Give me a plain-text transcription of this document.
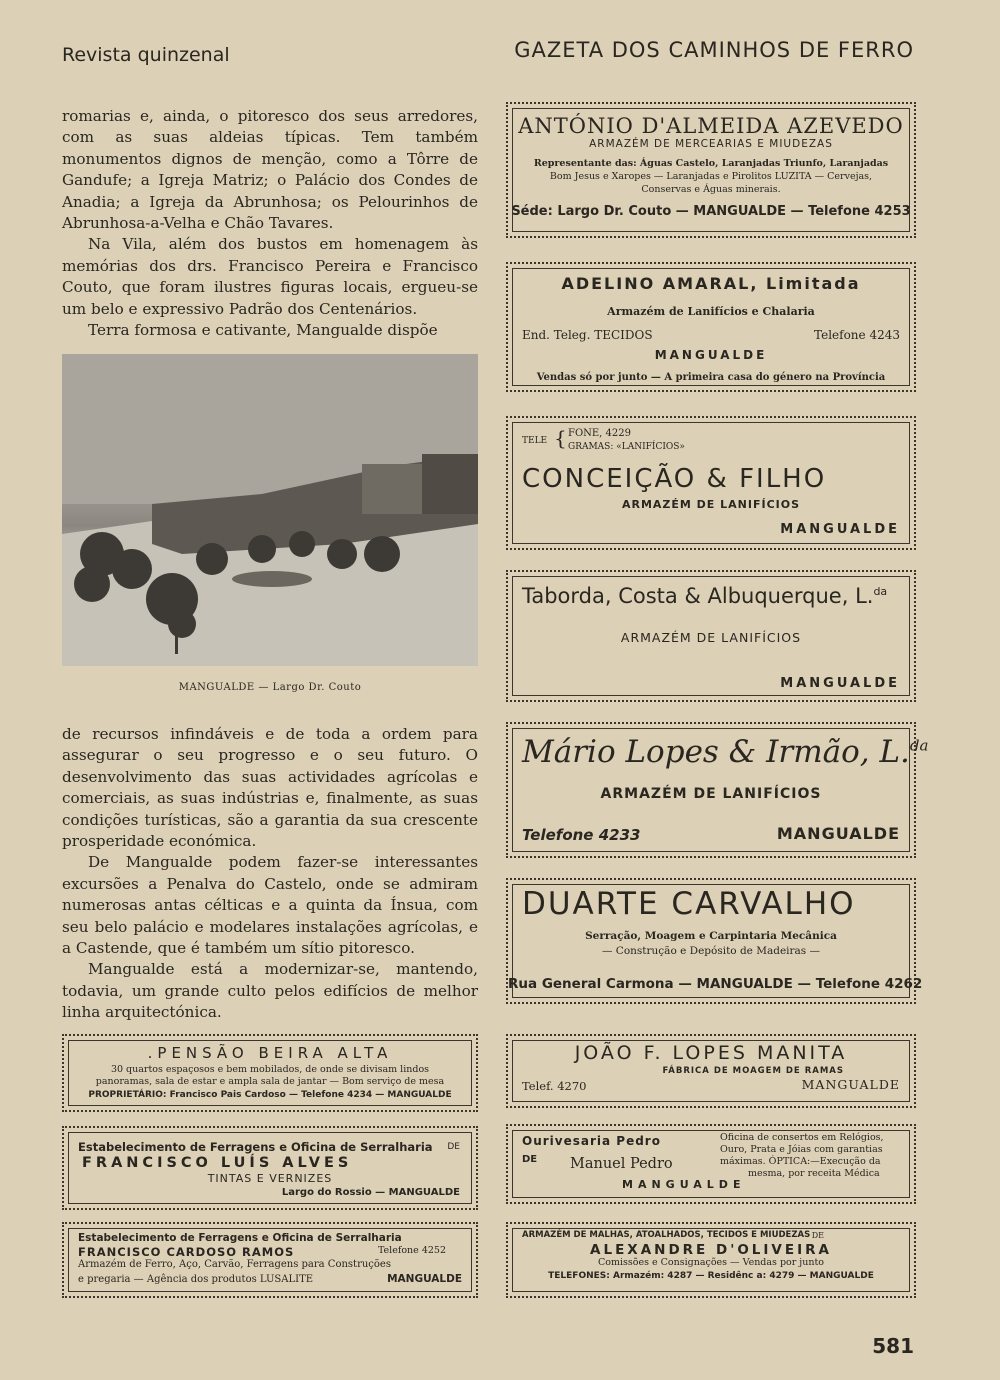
Revista quinzenal	GAZETA DOS CAMINHOS DE FERRO

romarias e, ainda, o pitoresco dos seus arredores, com as suas aldeias típicas. Tem também monumentos dignos de menção, como a Tôrre de Gandufe; a Igreja Matriz; o Palácio dos Condes de Anadia; a Igreja da Abrunhosa; os Pelourinhos de Abrunhosa-a-Velha e Chão Tavares.

Na Vila, além dos bustos em homenagem às memórias dos drs. Francisco Pereira e Francisco Couto, que foram ilustres figuras locais, ergueu-se um belo e expressivo Padrão dos Centenários.

Terra formosa e cativante, Mangualde dispõe

MANGUALDE — Largo Dr. Couto

de recursos infindáveis e de toda a ordem para assegurar o seu progresso e o seu futuro. O desenvolvimento das suas actividades agrícolas e comerciais, as suas indústrias e, finalmente, as suas condições turísticas, são a garantia da sua crescente prosperidade económica.

De Mangualde podem fazer-se interessantes excursões a Penalva do Castelo, onde se admiram numerosas antas célticas e a quinta da Ínsua, com seu belo palácio e modelares instalações agrícolas, e a Castende, que é também um sítio pitoresco.

Mangualde está a modernizar-se, mantendo, todavia, um grande culto pelos edifícios de melhor linha arquitectónica.

.PENSÃO BEIRA ALTA
30 quartos espaçosos e bem mobilados, de onde se divisam lindos
panoramas, sala de estar e ampla sala de jantar — Bom serviço de mesa
PROPRIETÁRIO: Francisco Pais Cardoso — Telefone 4234 — MANGUALDE
Estabelecimento de Ferragens e Oficina de Serralharia DE
FRANCISCO LUÍS ALVES
TINTAS E VERNIZES
Largo do Rossio — MANGUALDE
Estabelecimento de Ferragens e Oficina de Serralharia
FRANCISCO CARDOSO RAMOS	Telefone 4252
Armazém de Ferro, Aço, Carvão, Ferragens para Construções
e pregaria — Agência dos produtos LUSALITE	MANGUALDE
ANTÓNIO D'ALMEIDA AZEVEDO
ARMAZÉM DE MERCEARIAS E MIUDEZAS
Representante das: Águas Castelo, Laranjadas Triunfo, Laranjadas
Bom Jesus e Xaropes — Laranjadas e Pirolitos LUZITA — Cervejas,
Conservas e Águas minerais.
Séde: Largo Dr. Couto — MANGUALDE — Telefone 4253
ADELINO AMARAL, Limitada
Armazém de Lanifícios e Chalaria
End. Teleg. TECIDOS	Telefone 4243
MANGUALDE
Vendas só por junto — A primeira casa do género na Província
TELE { FONE, 4229
GRAMAS: «LANIFÍCIOS»
CONCEIÇÃO & FILHO
ARMAZÉM DE LANIFÍCIOS
MANGUALDE
Taborda, Costa & Albuquerque, L.$^{da}$
ARMAZÉM DE LANIFÍCIOS
MANGUALDE
Mário Lopes & Irmão, L.$^{da}$
ARMAZÉM DE LANIFÍCIOS
Telefone 4233	MANGUALDE
DUARTE CARVALHO
Serração, Moagem e Carpintaria Mecânica
— Construção e Depósito de Madeiras —
Rua General Carmona — MANGUALDE — Telefone 4262
JOÃO F. LOPES MANITA
FÁBRICA DE MOAGEM DE RAMAS
Telef. 4270	MANGUALDE
Ourivesaria Pedro
DE Manuel Pedro
MANGUALDE
Oficina de consertos em Relógios,
Ouro, Prata e Jóias com garantias
máximas. ÓPTICA:—Execução da
mesma, por receita Médica
ARMAZÉM DE MALHAS, ATOALHADOS, TECIDOS E MIUDEZAS DE
ALEXANDRE D'OLIVEIRA
Comissões e Consignações — Vendas por junto
TELEFONES: Armazém: 4287 — Residênc a: 4279 — MANGUALDE
581
